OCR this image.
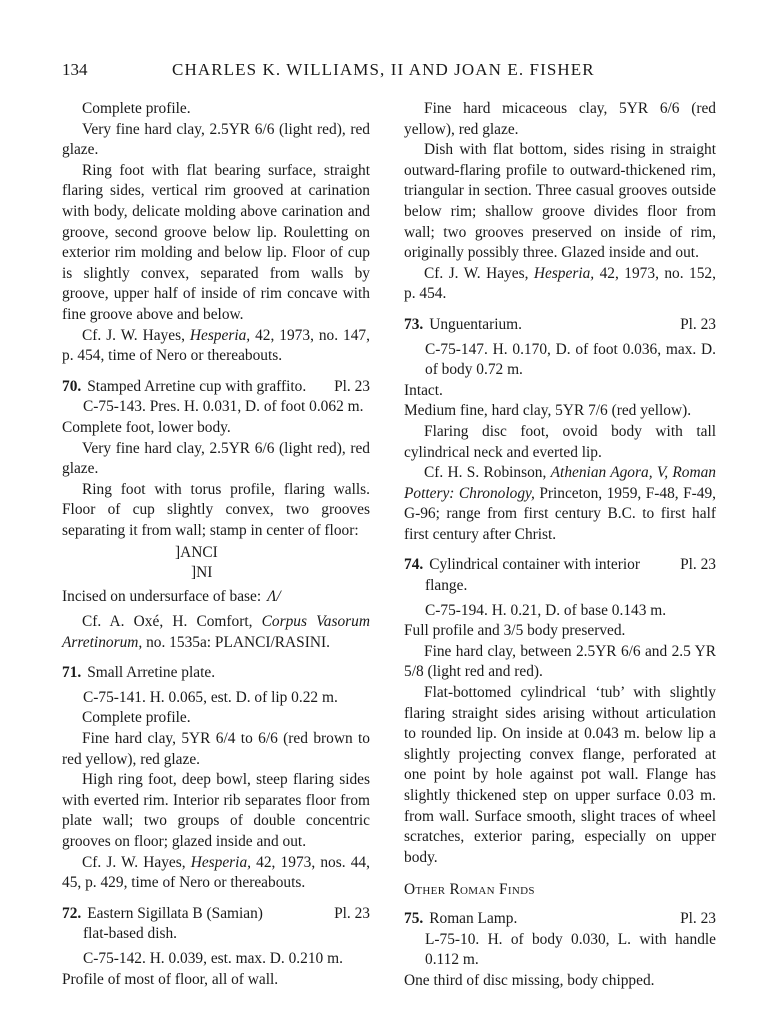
134	CHARLES K. WILLIAMS, II AND JOAN E. FISHER

Complete profile.

Very fine hard clay, 2.5YR 6/6 (light red), red glaze.

Ring foot with flat bearing surface, straight flaring sides, vertical rim grooved at carination with body, delicate molding above carination and groove, second groove below lip. Rouletting on exterior rim molding and below lip. Floor of cup is slightly convex, separated from walls by groove, upper half of inside of rim concave with fine groove above and below.

Cf. J. W. Hayes, Hesperia, 42, 1973, no. 147, p. 454, time of Nero or thereabouts.

70. Stamped Arretine cup with graffito. Pl. 23

C-75-143. Pres. H. 0.031, D. of foot 0.062 m.

Complete foot, lower body.

Very fine hard clay, 2.5YR 6/6 (light red), red glaze.

Ring foot with torus profile, flaring walls. Floor of cup slightly convex, two grooves separating it from wall; stamp in center of floor:

]ANCI
]NI

Incised on undersurface of base: Λ/

Cf. A. Oxé, H. Comfort, Corpus Vasorum Arretinorum, no. 1535a: PLANCI/RASINI.

71. Small Arretine plate.

C-75-141. H. 0.065, est. D. of lip 0.22 m.

Complete profile.

Fine hard clay, 5YR 6/4 to 6/6 (red brown to red yellow), red glaze.

High ring foot, deep bowl, steep flaring sides with everted rim. Interior rib separates floor from plate wall; two groups of double concentric grooves on floor; glazed inside and out.

Cf. J. W. Hayes, Hesperia, 42, 1973, nos. 44, 45, p. 429, time of Nero or thereabouts.

72. Eastern Sigillata B (Samian)	Pl. 23

flat-based dish.

C-75-142. H. 0.039, est. max. D. 0.210 m.

Profile of most of floor, all of wall.

Fine hard micaceous clay, 5YR 6/6 (red yellow), red glaze.

Dish with flat bottom, sides rising in straight outward-flaring profile to outward-thickened rim, triangular in section. Three casual grooves outside below rim; shallow groove divides floor from wall; two grooves preserved on inside of rim, originally possibly three. Glazed inside and out.

Cf. J. W. Hayes, Hesperia, 42, 1973, no. 152, p. 454.

73. Unguentarium.	Pl. 23

C-75-147. H. 0.170, D. of foot 0.036, max. D. of body 0.72 m.

Intact.

Medium fine, hard clay, 5YR 7/6 (red yellow).

Flaring disc foot, ovoid body with tall cylindrical neck and everted lip.

Cf. H. S. Robinson, Athenian Agora, V, Roman Pottery: Chronology, Princeton, 1959, F-48, F-49, G-96; range from first century B.C. to first half first century after Christ.

74. Cylindrical container with interior	Pl. 23

flange.

C-75-194. H. 0.21, D. of base 0.143 m.

Full profile and 3/5 body preserved.

Fine hard clay, between 2.5YR 6/6 and 2.5 YR 5/8 (light red and red).

Flat-bottomed cylindrical ‘tub’ with slightly flaring straight sides arising without articulation to rounded lip. On inside at 0.043 m. below lip a slightly projecting convex flange, perforated at one point by hole against pot wall. Flange has slightly thickened step on upper surface 0.03 m. from wall. Surface smooth, slight traces of wheel scratches, exterior paring, especially on upper body.

Other Roman Finds

75. Roman Lamp.	Pl. 23

L-75-10. H. of body 0.030, L. with handle 0.112 m.

One third of disc missing, body chipped.
